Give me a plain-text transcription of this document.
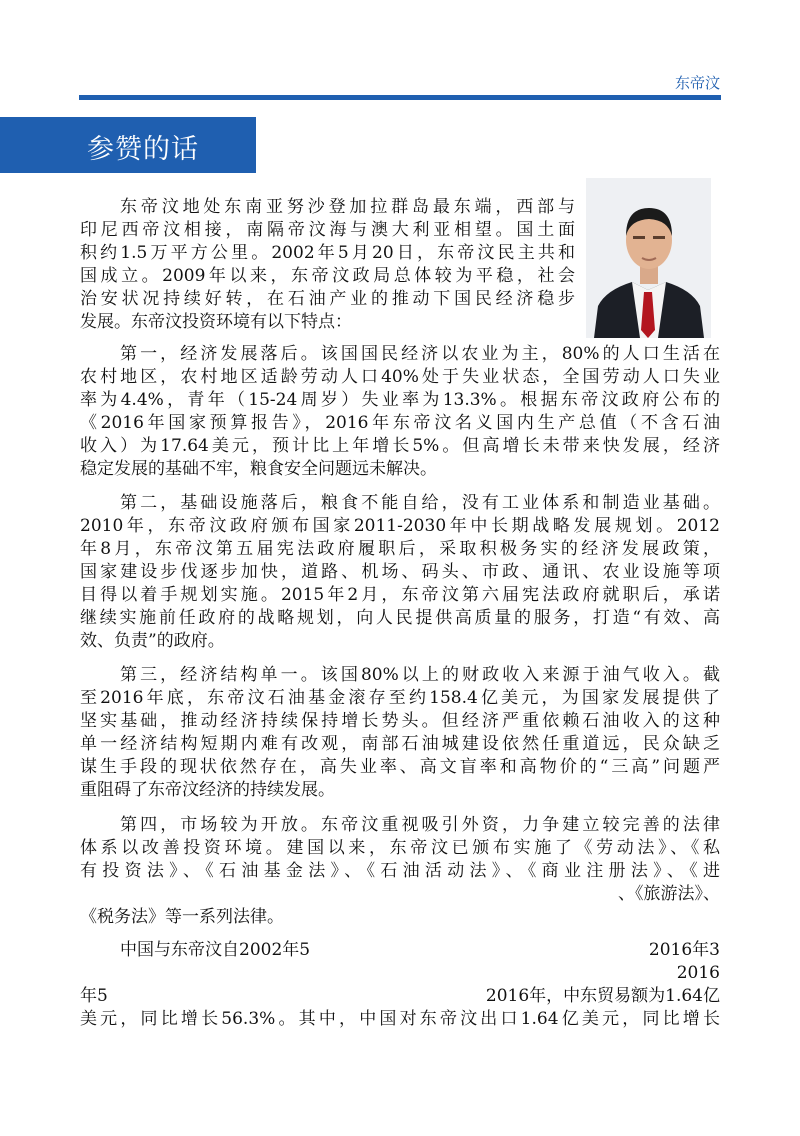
东帝汶
参赞的话
东帝汶地处东南亚努沙登加拉群岛最东端，西部与
印尼西帝汶相接，南隔帝汶海与澳大利亚相望。国土面
积约1.5万平方公里。2002年5月20日，东帝汶民主共和
国成立。2009年以来，东帝汶政局总体较为平稳，社会
治安状况持续好转，在石油产业的推动下国民经济稳步
发展。东帝汶投资环境有以下特点：
第一，经济发展落后。该国国民经济以农业为主，80%的人口生活在
农村地区，农村地区适龄劳动人口40%处于失业状态，全国劳动人口失业
率为4.4%，青年（15-24周岁）失业率为13.3%。根据东帝汶政府公布的
《2016年国家预算报告》，2016年东帝汶名义国内生产总值（不含石油
收入）为17.64美元，预计比上年增长5%。但高增长未带来快发展，经济
稳定发展的基础不牢，粮食安全问题远未解决。
第二，基础设施落后，粮食不能自给，没有工业体系和制造业基础。
2010年，东帝汶政府颁布国家2011-2030年中长期战略发展规划。2012
年8月，东帝汶第五届宪法政府履职后，采取积极务实的经济发展政策，
国家建设步伐逐步加快，道路、机场、码头、市政、通讯、农业设施等项
目得以着手规划实施。2015年2月，东帝汶第六届宪法政府就职后，承诺
继续实施前任政府的战略规划，向人民提供高质量的服务，打造“有效、高
效、负责”的政府。
第三，经济结构单一。该国80%以上的财政收入来源于油气收入。截
至2016年底，东帝汶石油基金滚存至约158.4亿美元，为国家发展提供了
坚实基础，推动经济持续保持增长势头。但经济严重依赖石油收入的这种
单一经济结构短期内难有改观，南部石油城建设依然任重道远，民众缺乏
谋生手段的现状依然存在，高失业率、高文盲率和高物价的“三高”问题严
重阻碍了东帝汶经济的持续发展。
第四，市场较为开放。东帝汶重视吸引外资，力争建立较完善的法律
体系以改善投资环境。建国以来，东帝汶已颁布实施了《劳动法》、《私
有投资法》、《石油基金法》、《石油活动法》、《商业注册法》、《进
、《旅游法》、
《税务法》等一系列法律。
中国与东帝汶自2002年5	2016年3
2016
年5	2016年，中东贸易额为1.64亿
美元，同比增长56.3%。其中，中国对东帝汶出口1.64亿美元，同比增长
